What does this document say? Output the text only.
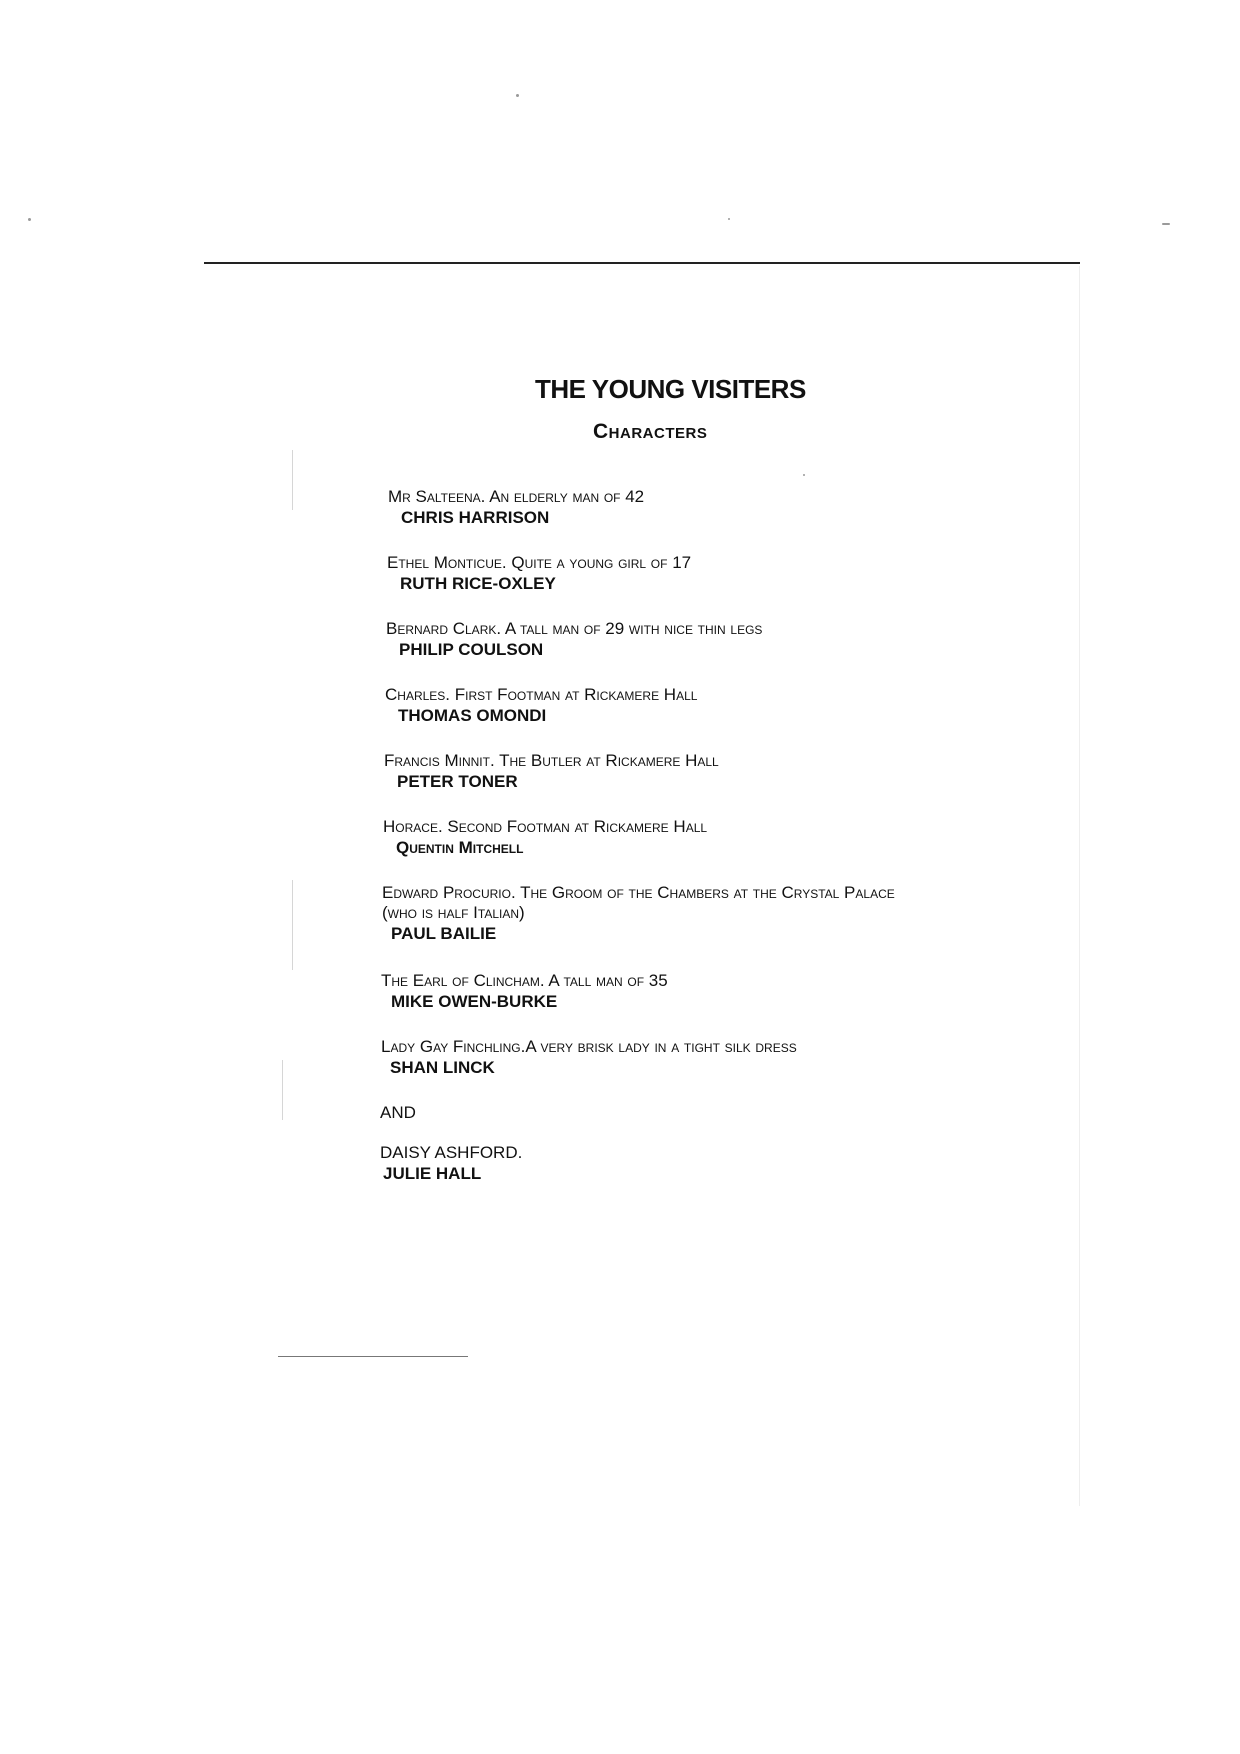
THE YOUNG VISITERS
Characters
Mr Salteena. An elderly man of 42
CHRIS HARRISON
Ethel Monticue. Quite a young girl of 17
RUTH RICE-OXLEY
Bernard Clark. A tall man of 29 with nice thin legs
PHILIP COULSON
Charles. First Footman at Rickamere Hall
THOMAS OMONDI
Francis Minnit. The Butler at Rickamere Hall
PETER TONER
Horace. Second Footman at Rickamere Hall
Quentin Mitchell
Edward Procurio. The Groom of the Chambers at the Crystal Palace (who is half Italian)
PAUL BAILIE
The Earl of Clincham. A tall man of 35
MIKE OWEN-BURKE
Lady Gay Finchling.A very brisk lady in a tight silk dress
SHAN LINCK
AND
DAISY ASHFORD.
JULIE HALL
